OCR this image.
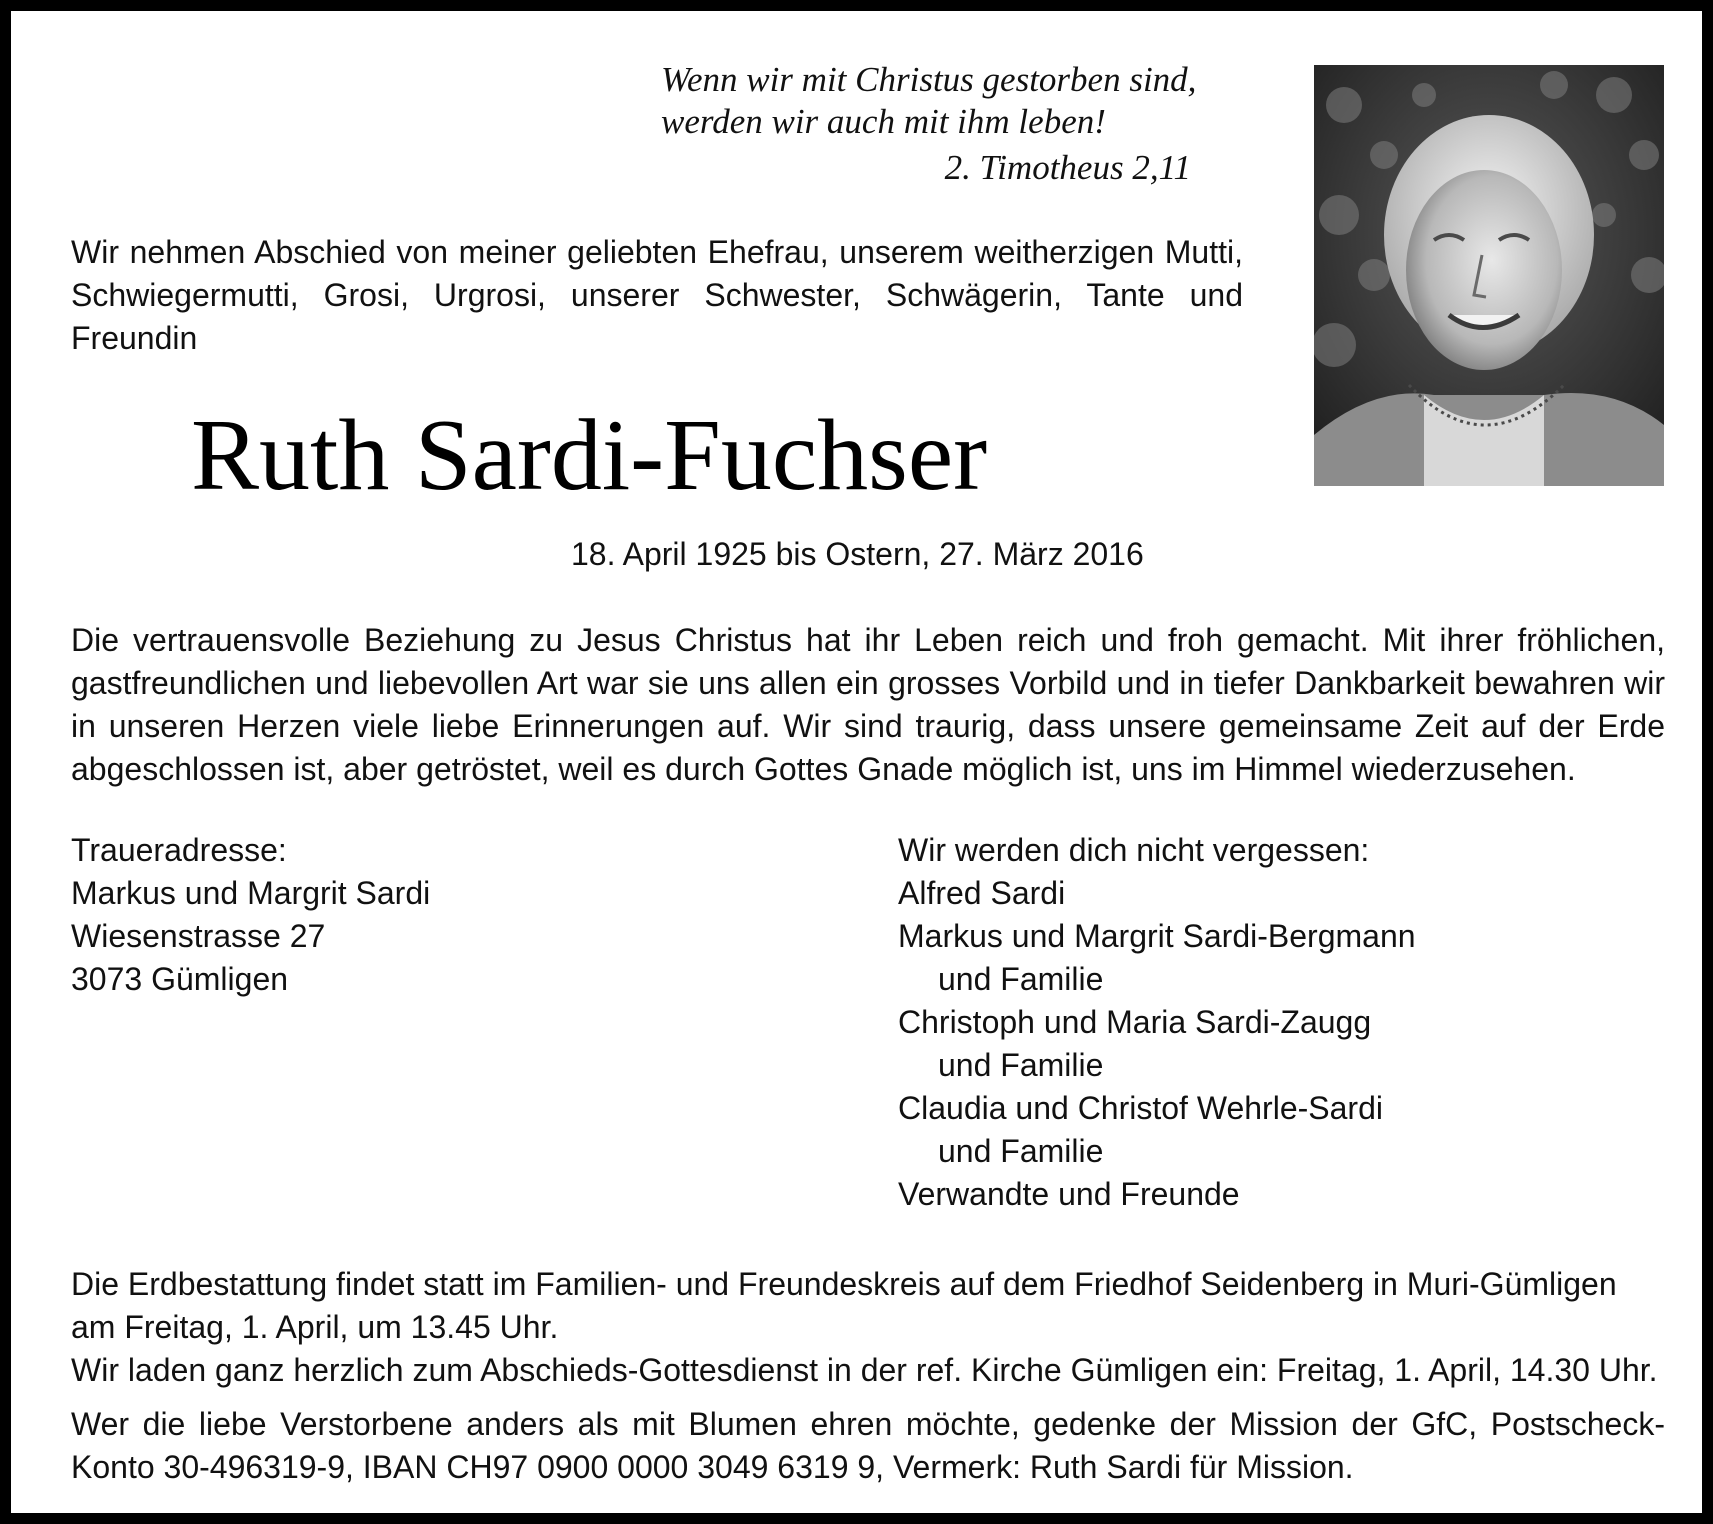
Wenn wir mit Christus gestorben sind,
werden wir auch mit ihm leben!
2. Timotheus 2,11
Wir nehmen Abschied von meiner geliebten Ehefrau, unserem weitherzigen Mutti, Schwiegermutti, Grosi, Urgrosi, unserer Schwester, Schwägerin, Tante und Freundin
Ruth Sardi-Fuchser
18. April 1925 bis Ostern, 27. März 2016
Die vertrauensvolle Beziehung zu Jesus Christus hat ihr Leben reich und froh gemacht. Mit ihrer fröhlichen, gastfreundlichen und liebevollen Art war sie uns allen ein grosses Vorbild und in tiefer Dankbarkeit bewahren wir in unseren Herzen viele liebe Erinnerungen auf. Wir sind traurig, dass unsere gemeinsame Zeit auf der Erde abgeschlossen ist, aber getröstet, weil es durch Gottes Gnade möglich ist, uns im Himmel wiederzusehen.
Traueradresse:
Markus und Margrit Sardi
Wiesenstrasse 27
3073 Gümligen
Wir werden dich nicht vergessen:
Alfred Sardi
Markus und Margrit Sardi-Bergmann
und Familie
Christoph und Maria Sardi-Zaugg
und Familie
Claudia und Christof Wehrle-Sardi
und Familie
Verwandte und Freunde
Die Erdbestattung findet statt im Familien- und Freundeskreis auf dem Friedhof Seidenberg in Muri-Gümligen
am Freitag, 1. April, um 13.45 Uhr.
Wir laden ganz herzlich zum Abschieds-Gottesdienst in der ref. Kirche Gümligen ein: Freitag, 1. April, 14.30 Uhr.
Wer die liebe Verstorbene anders als mit Blumen ehren möchte, gedenke der Mission der GfC, Postscheck-Konto 30-496319-9, IBAN CH97 0900 0000 3049 6319 9, Vermerk: Ruth Sardi für Mission.
